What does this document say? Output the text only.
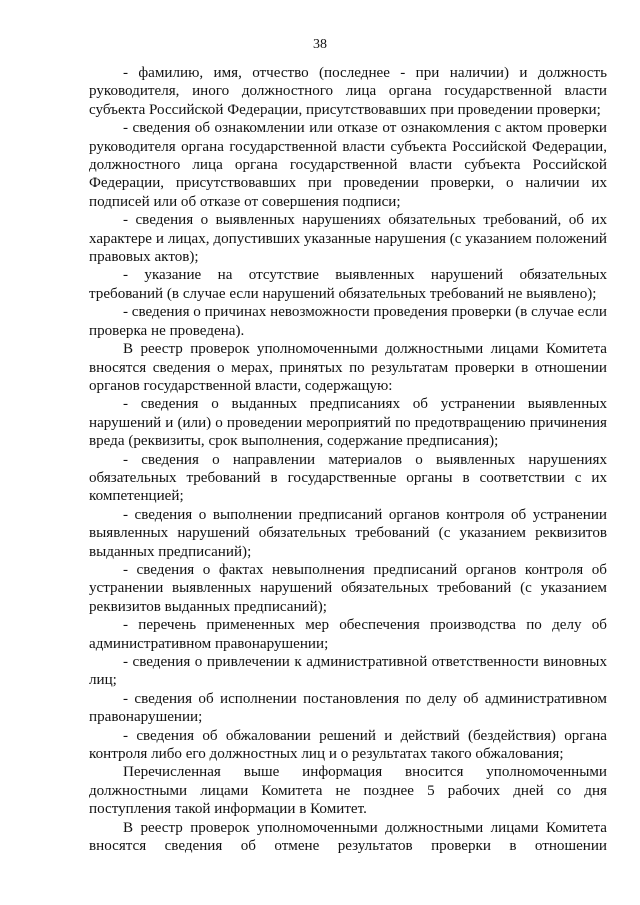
38

- фамилию, имя, отчество (последнее - при наличии) и должность руководителя, иного должностного лица органа государственной власти субъекта Российской Федерации, присутствовавших при проведении проверки;

- сведения об ознакомлении или отказе от ознакомления с актом проверки руководителя органа государственной власти субъекта Российской Федерации, должностного лица органа государственной власти субъекта Российской Федерации, присутствовавших при проведении проверки, о наличии их подписей или об отказе от совершения подписи;

- сведения о выявленных нарушениях обязательных требований, об их характере и лицах, допустивших указанные нарушения (с указанием положений правовых актов);

- указание на отсутствие выявленных нарушений обязательных требований (в случае если нарушений обязательных требований не выявлено);

- сведения о причинах невозможности проведения проверки (в случае если проверка не проведена).

В реестр проверок уполномоченными должностными лицами Комитета вносятся сведения о мерах, принятых по результатам проверки в отношении органов государственной власти, содержащую:

- сведения о выданных предписаниях об устранении выявленных нарушений и (или) о проведении мероприятий по предотвращению причинения вреда (реквизиты, срок выполнения, содержание предписания);

- сведения о направлении материалов о выявленных нарушениях обязательных требований в государственные органы в соответствии с их компетенцией;

- сведения о выполнении предписаний органов контроля об устранении выявленных нарушений обязательных требований (с указанием реквизитов выданных предписаний);

- сведения о фактах невыполнения предписаний органов контроля об устранении выявленных нарушений обязательных требований (с указанием реквизитов выданных предписаний);

- перечень примененных мер обеспечения производства по делу об административном правонарушении;

- сведения о привлечении к административной ответственности виновных лиц;

- сведения об исполнении постановления по делу об административном правонарушении;

- сведения об обжаловании решений и действий (бездействия) органа контроля либо его должностных лиц и о результатах такого обжалования;

Перечисленная выше информация вносится уполномоченными должностными лицами Комитета не позднее 5 рабочих дней со дня поступления такой информации в Комитет.

В реестр проверок уполномоченными должностными лицами Комитета вносятся сведения об отмене результатов проверки в отношении
